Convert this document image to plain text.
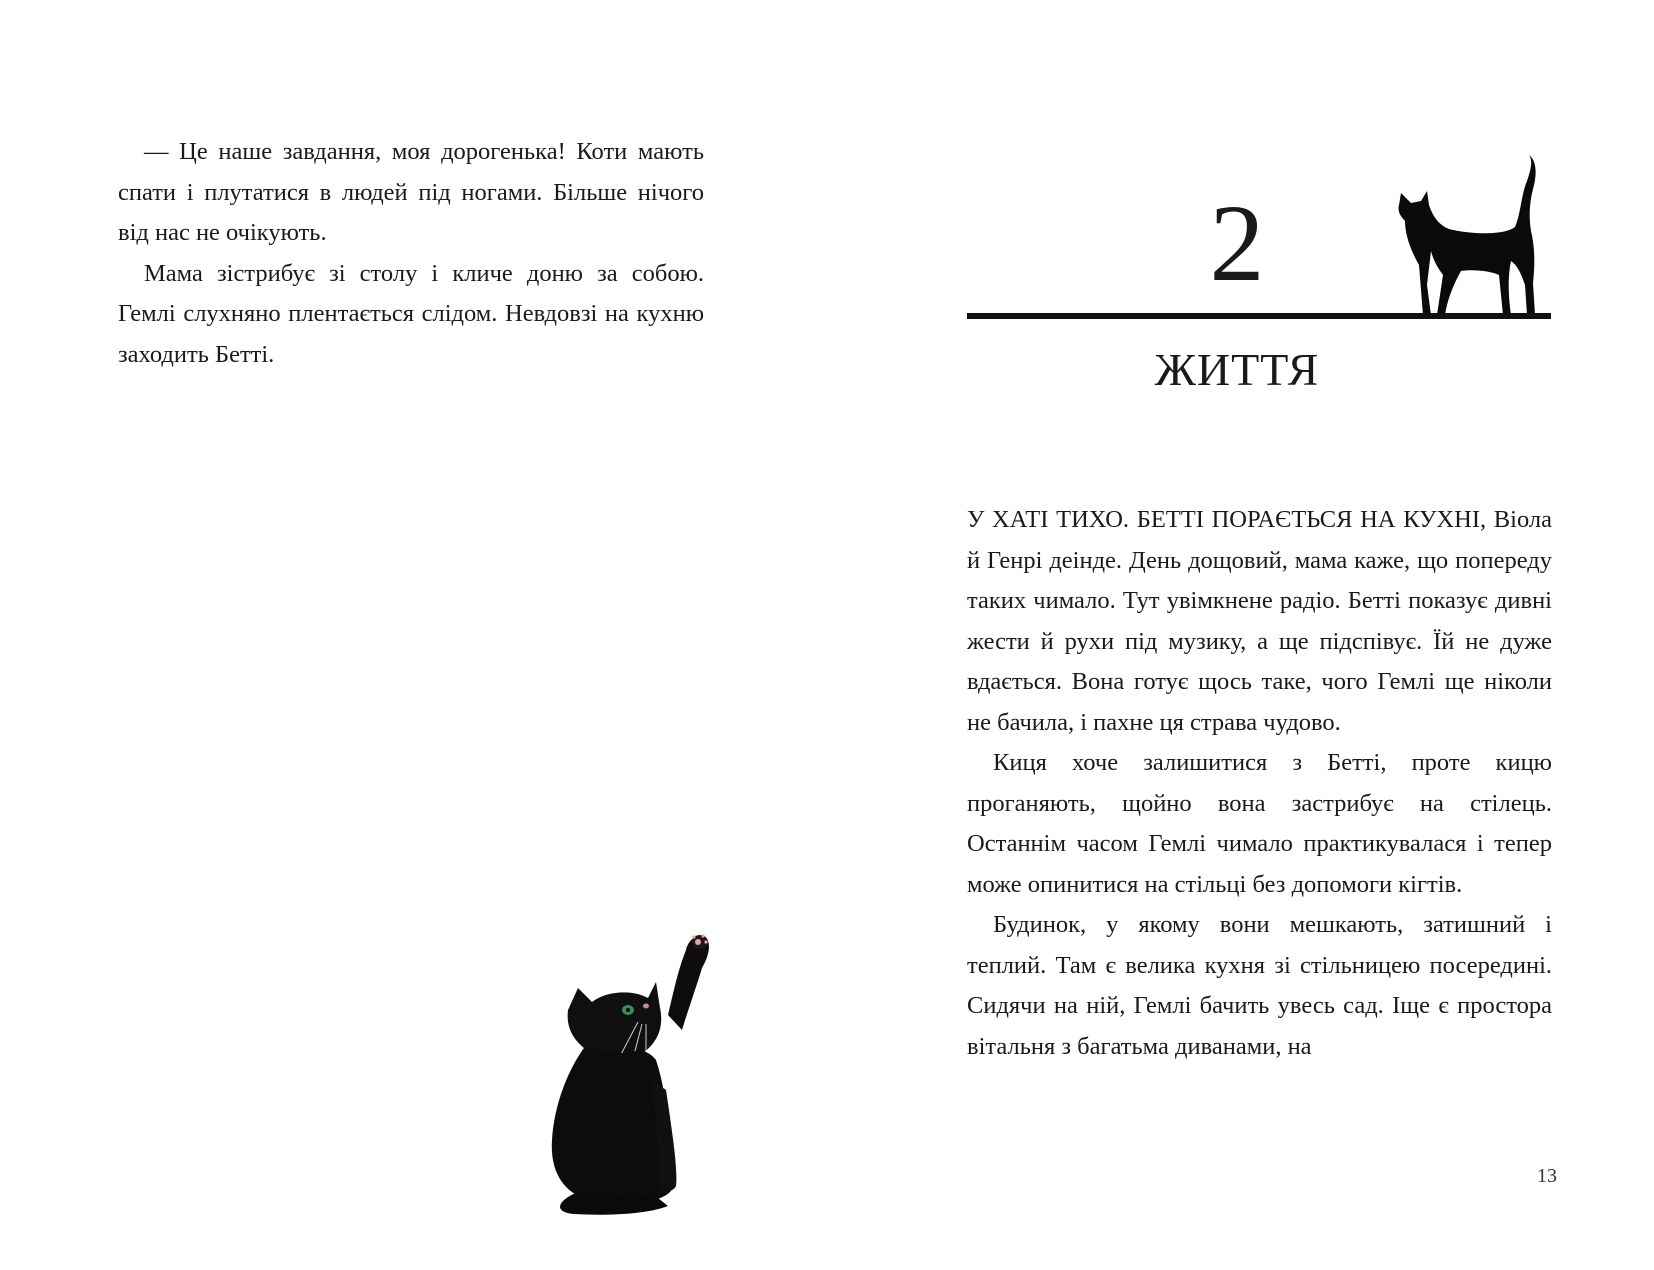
— Це наше завдання, моя дорогенька! Коти мають спати і плутатися в людей під ногами. Більше нічого від нас не очікують.

Мама зістрибує зі столу і кличе доню за собою. Гемлі слухняно плентається слідом. Невдовзі на кухню заходить Бетті.

2
ЖИТТЯ

У ХАТІ ТИХО. БЕТТІ ПОРАЄТЬСЯ НА КУХНІ, Віола й Генрі деінде. День дощовий, мама каже, що попереду таких чимало. Тут увімкнене радіо. Бетті показує дивні жести й рухи під музику, а ще підспівує. Їй не дуже вдається. Вона готує щось таке, чого Гемлі ще ніколи не бачила, і пахне ця страва чудово.

Киця хоче залишитися з Бетті, проте кицю проганяють, щойно вона застрибує на стілець. Останнім часом Гемлі чимало практикувалася і тепер може опинитися на стільці без допомоги кігтів.

Будинок, у якому вони мешкають, затишний і теплий. Там є велика кухня зі стільницею посередині. Сидячи на ній, Гемлі бачить увесь сад. Іще є простора вітальня з багатьма диванами, на

13
